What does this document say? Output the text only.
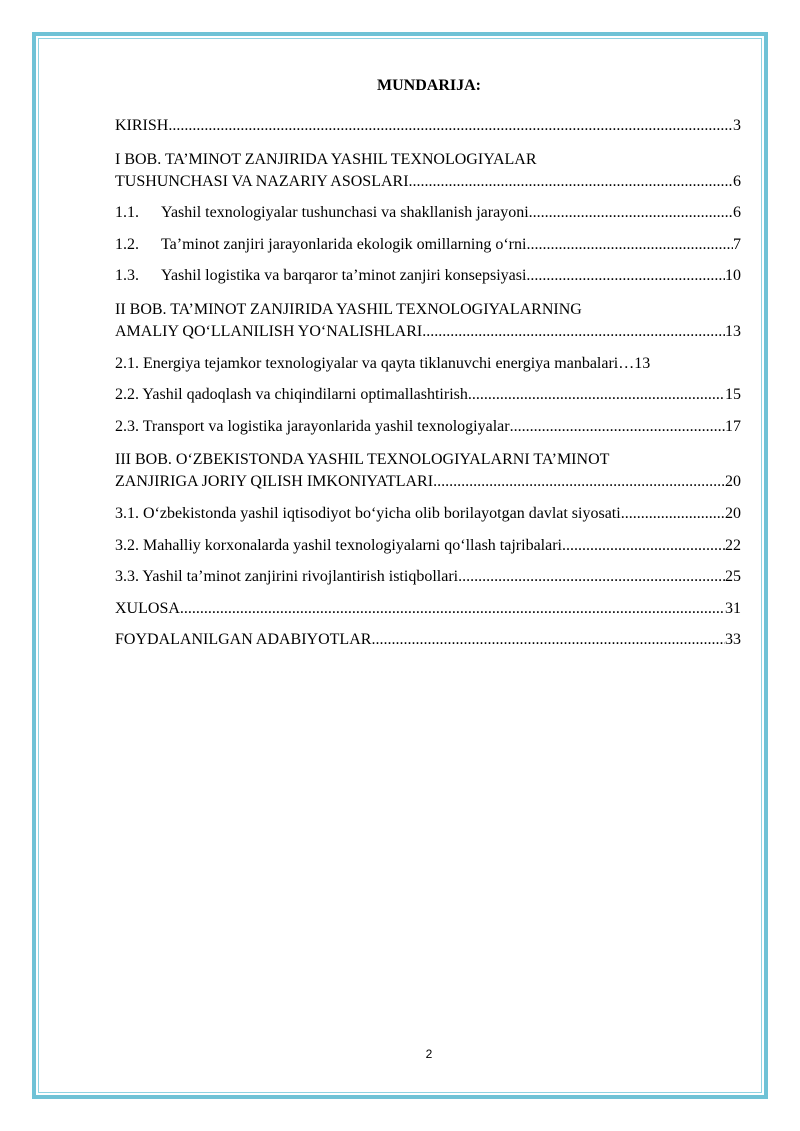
MUNDARIJA:
KIRISH .....	3
I BOB. TA’MINOT ZANJIRIDA YASHIL TEXNOLOGIYALAR
TUSHUNCHASI VA NAZARIY ASOSLARI .....	6
1.1.	Yashil texnologiyalar tushunchasi va shakllanish jarayoni .....	6
1.2.	Ta’minot zanjiri jarayonlarida ekologik omillarning o‘rni .....	7
1.3.	Yashil logistika va barqaror ta’minot zanjiri konsepsiyasi .....	10
II BOB. TA’MINOT ZANJIRIDA YASHIL TEXNOLOGIYALARNING
AMALIY QO‘LLANILISH YO‘NALISHLARI .....	13
2.1. Energiya tejamkor texnologiyalar va qayta tiklanuvchi energiya manbalari… 13
2.2. Yashil qadoqlash va chiqindilarni optimallashtirish .....	15
2.3. Transport va logistika jarayonlarida yashil texnologiyalar .....	17
III BOB. O‘ZBEKISTONDA YASHIL TEXNOLOGIYALARNI TA’MINOT
ZANJIRIGA JORIY QILISH IMKONIYATLARI .....	20
3.1. O‘zbekistonda yashil iqtisodiyot bo‘yicha olib borilayotgan davlat siyosati .....	20
3.2. Mahalliy korxonalarda yashil texnologiyalarni qo‘llash tajribalari .....	22
3.3. Yashil ta’minot zanjirini rivojlantirish istiqbollari .....	25
XULOSA .....	31
FOYDALANILGAN ADABIYOTLAR .....	33
2
